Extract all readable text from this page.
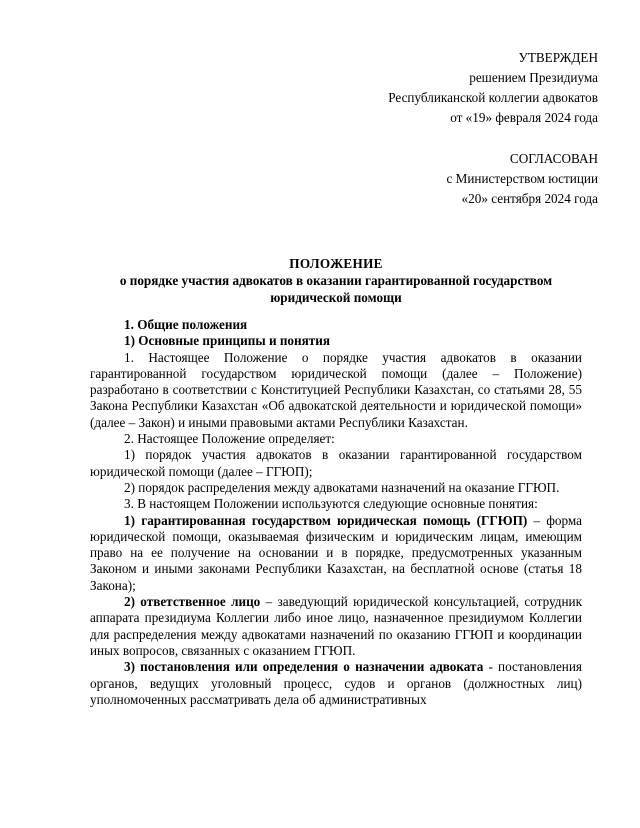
УТВЕРЖДЕН
решением Президиума
Республиканской коллегии адвокатов
от «19» февраля 2024 года
СОГЛАСОВАН
с Министерством юстиции
«20» сентября 2024 года
ПОЛОЖЕНИЕ
о порядке участия адвокатов в оказании гарантированной государством
юридической помощи
1. Общие положения
1) Основные принципы и понятия

1. Настоящее Положение о порядке участия адвокатов в оказании гарантированной государством юридической помощи (далее – Положение) разработано в соответствии с Конституцией Республики Казахстан, со статьями 28, 55 Закона Республики Казахстан «Об адвокатской деятельности и юридической помощи» (далее – Закон) и иными правовыми актами Республики Казахстан.

2. Настоящее Положение определяет:

1) порядок участия адвокатов в оказании гарантированной государством юридической помощи (далее – ГГЮП);

2) порядок распределения между адвокатами назначений на оказание ГГЮП.

3. В настоящем Положении используются следующие основные понятия:

1) гарантированная государством юридическая помощь (ГГЮП) – форма юридической помощи, оказываемая физическим и юридическим лицам, имеющим право на ее получение на основании и в порядке, предусмотренных указанным Законом и иными законами Республики Казахстан, на бесплатной основе (статья 18 Закона);

2) ответственное лицо – заведующий юридической консультацией, сотрудник аппарата президиума Коллегии либо иное лицо, назначенное президиумом Коллегии для распределения между адвокатами назначений по оказанию ГГЮП и координации иных вопросов, связанных с оказанием ГГЮП.

3) постановления или определения о назначении адвоката - постановления органов, ведущих уголовный процесс, судов и органов (должностных лиц) уполномоченных рассматривать дела об административных
